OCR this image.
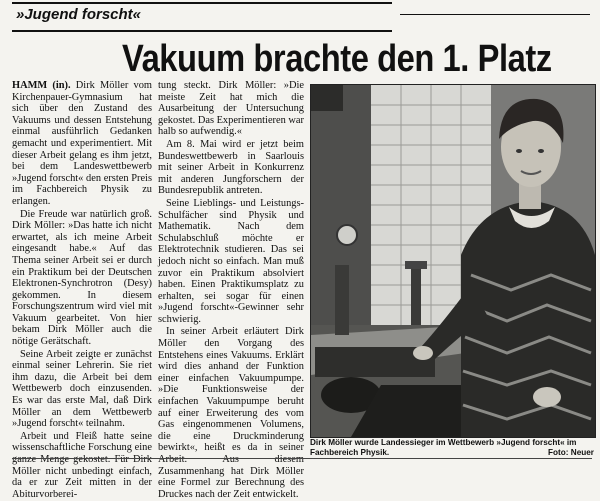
»Jugend forscht«
Vakuum brachte den 1. Platz

HAMM (in). Dirk Möller vom Kirchenpauer-Gymnasium hat sich über den Zustand des Vakuums und dessen Entstehung einmal ausführlich Gedanken gemacht und experimentiert. Mit dieser Arbeit gelang es ihm jetzt, bei dem Landeswettbewerb »Jugend forscht« den ersten Preis im Fachbereich Physik zu erlangen.

Die Freude war natürlich groß. Dirk Möller: »Das hatte ich nicht erwartet, als ich meine Arbeit eingesandt habe.« Auf das Thema seiner Arbeit sei er durch ein Praktikum bei der Deutschen Elektronen-Synchrotron (Desy) gekommen. In diesem Forschungszentrum wird viel mit Vakuum gearbeitet. Von hier bekam Dirk Möller auch die nötige Gerätschaft.

Seine Arbeit zeigte er zunächst einmal seiner Lehrerin. Sie riet ihm dazu, die Arbeit bei dem Wettbewerb doch einzusenden. Es war das erste Mal, daß Dirk Möller an dem Wettbewerb »Jugend forscht« teilnahm.

Arbeit und Fleiß hatte seine wissenschaftliche Forschung eine ganze Menge gekostet. Für Dirk Möller nicht unbedingt einfach, da er zur Zeit mitten in der Abiturvorberei-

tung steckt. Dirk Möller: »Die meiste Zeit hat mich die Ausarbeitung der Untersuchung gekostet. Das Experimentieren war halb so aufwendig.«

Am 8. Mai wird er jetzt beim Bundeswettbewerb in Saarlouis mit seiner Arbeit in Konkurrenz mit anderen Jungforschern der Bundesrepublik antreten.

Seine Lieblings- und Leistungs-Schulfächer sind Physik und Mathematik. Nach dem Schulabschluß möchte er Elektrotechnik studieren. Das sei jedoch nicht so einfach. Man muß zuvor ein Praktikum absolviert haben. Einen Praktikumsplatz zu erhalten, sei sogar für einen »Jugend forscht«-Gewinner sehr schwierig.

In seiner Arbeit erläutert Dirk Möller den Vorgang des Entstehens eines Vakuums. Erklärt wird dies anhand der Funktion einer einfachen Vakuumpumpe. »Die Funktionsweise der einfachen Vakuumpumpe beruht auf einer Erweiterung des vom Gas eingenommenen Volumens, die eine Druckminderung bewirkt«, heißt es da in seiner Arbeit. Aus diesem Zusammenhang hat Dirk Möller eine Formel zur Berechnung des Druckes nach der Zeit entwickelt.

Dirk Möller wurde Landessieger im Wettbewerb »Jugend forscht« im Fachbereich Physik.	Foto: Neuer
